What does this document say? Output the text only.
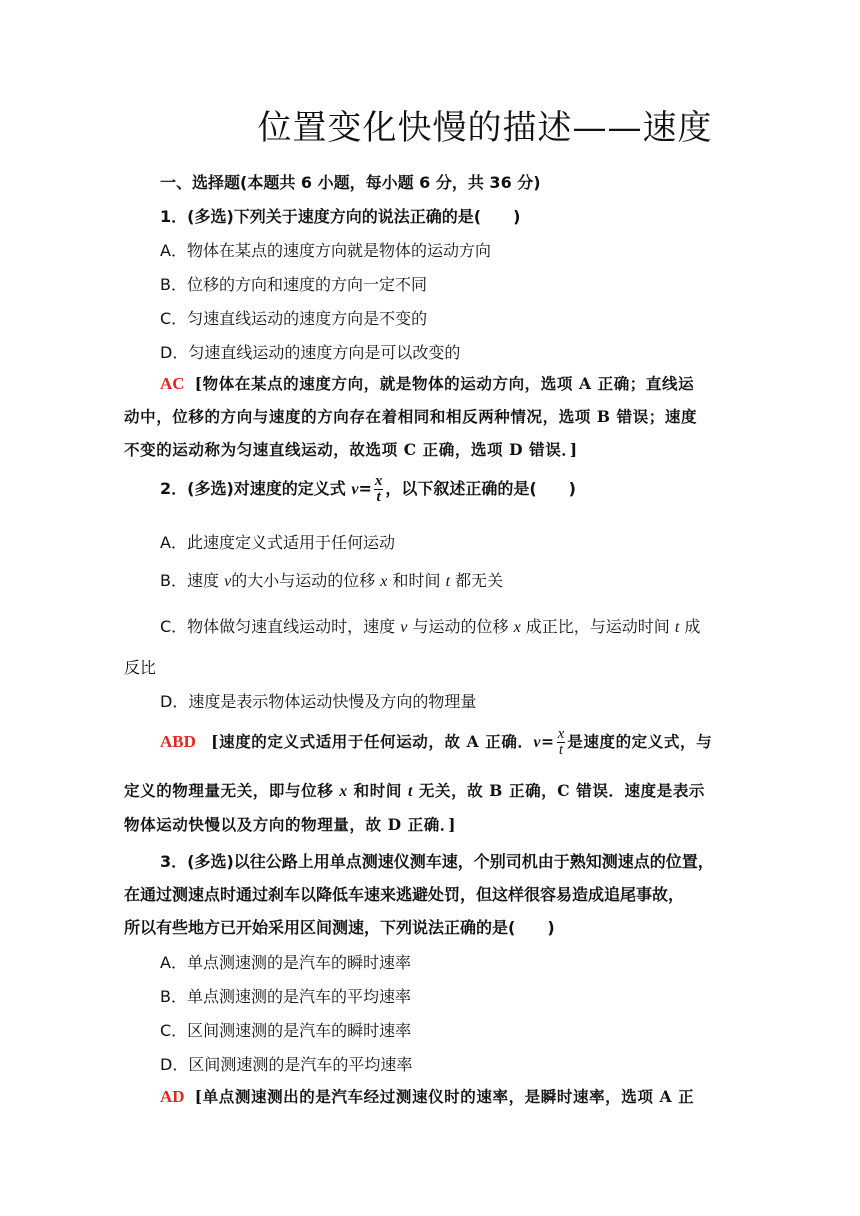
位置变化快慢的描述——速度
一、选择题(本题共 6 小题，每小题 6 分，共 36 分)
1．(多选)下列关于速度方向的说法正确的是(　　)
A．物体在某点的速度方向就是物体的运动方向
B．位移的方向和速度的方向一定不同
C．匀速直线运动的速度方向是不变的
D．匀速直线运动的速度方向是可以改变的
AC [物体在某点的速度方向，就是物体的运动方向，选项 A 正确；直线运
动中，位移的方向与速度的方向存在着相同和相反两种情况，选项 B 错误；速度
不变的运动称为匀速直线运动，故选项 C 正确，选项 D 错误．]
2．(多选)对速度的定义式 $v= \frac{x}{t}$ ，以下叙述正确的是(　　)
A．此速度定义式适用于任何运动
B．速度 v的大小与运动的位移 x 和时间 t 都无关
C．物体做匀速直线运动时，速度 v 与运动的位移 x 成正比，与运动时间 t 成
反比
D．速度是表示物体运动快慢及方向的物理量
ABD [速度的定义式适用于任何运动，故 A 正确．$v= \frac{x}{t}$ 是速度的定义式，与
定义的物理量无关，即与位移 x 和时间 t 无关，故 B 正确，C 错误．速度是表示
物体运动快慢以及方向的物理量，故 D 正确．]
3．(多选)以往公路上用单点测速仪测车速，个别司机由于熟知测速点的位置，
在通过测速点时通过刹车以降低车速来逃避处罚，但这样很容易造成追尾事故，
所以有些地方已开始采用区间测速，下列说法正确的是(　　)
A．单点测速测的是汽车的瞬时速率
B．单点测速测的是汽车的平均速率
C．区间测速测的是汽车的瞬时速率
D．区间测速测的是汽车的平均速率
AD [单点测速测出的是汽车经过测速仪时的速率，是瞬时速率，选项 A 正
